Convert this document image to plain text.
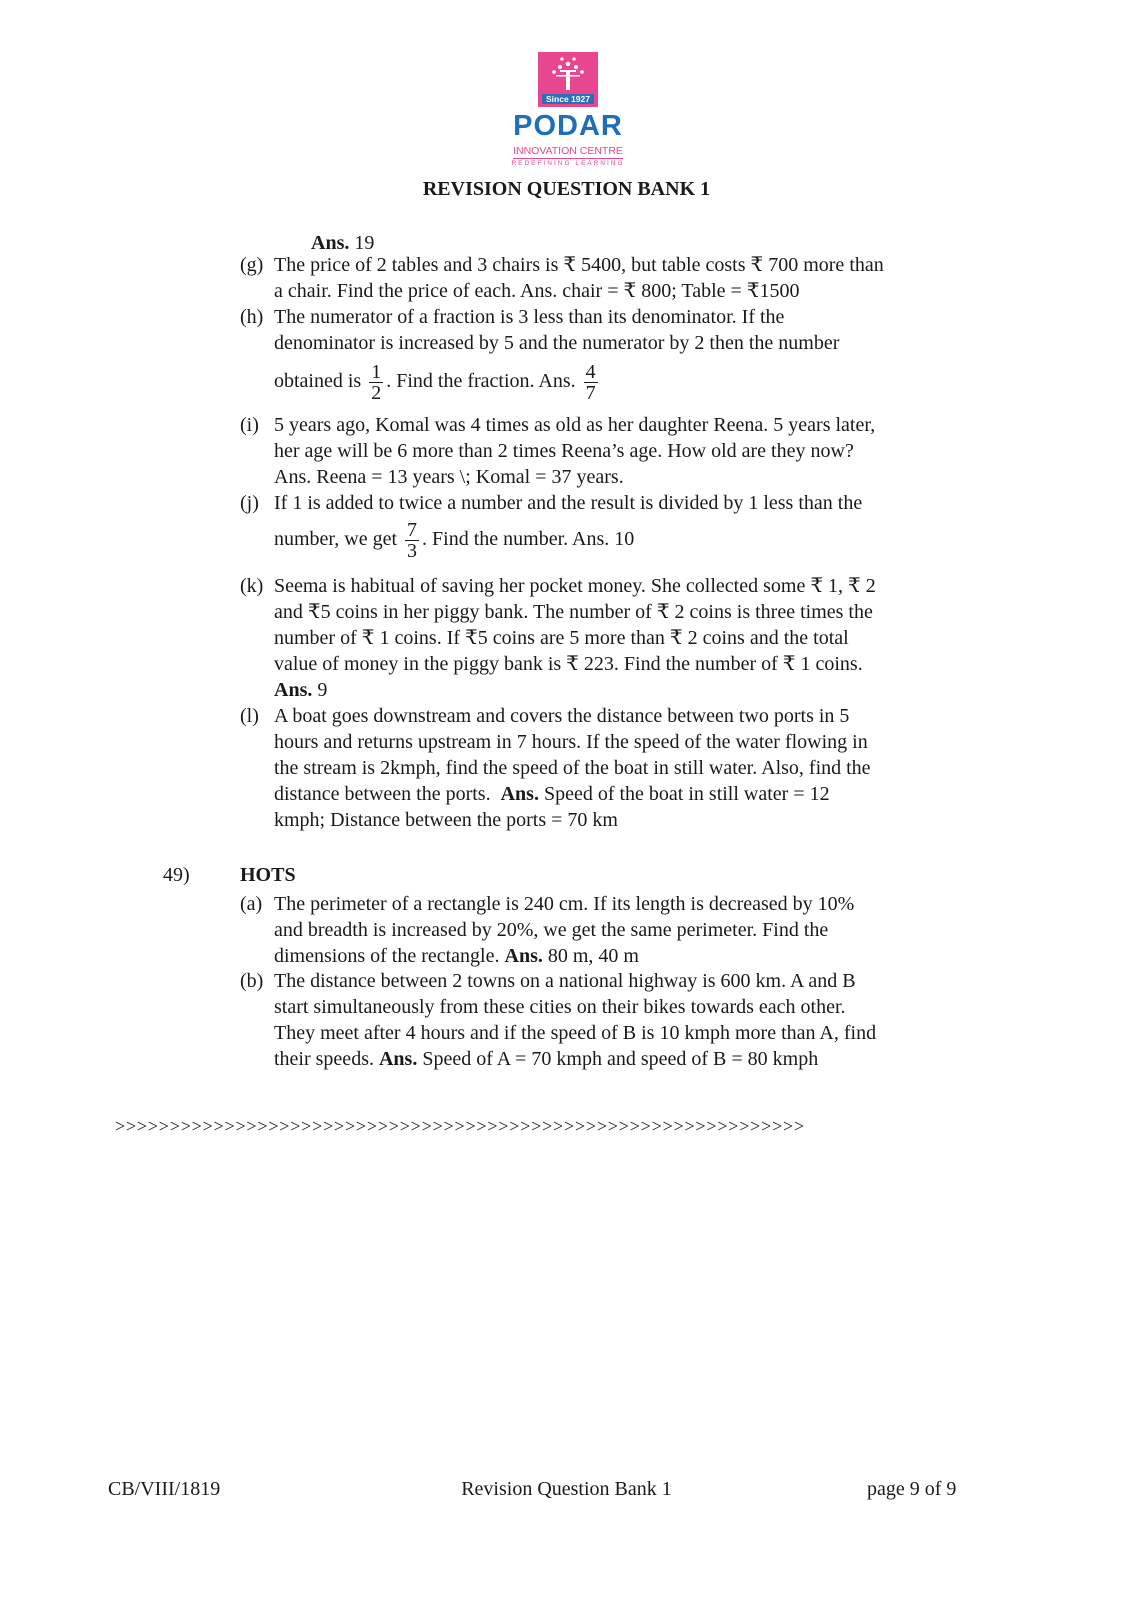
Since 1927
PODAR
INNOVATION CENTRE
REDEFINING LEARNING
REVISION QUESTION BANK 1
Ans. 19
(g) The price of 2 tables and 3 chairs is ₹ 5400, but table costs ₹ 700 more than
a chair. Find the price of each. Ans. chair = ₹ 800; Table = ₹1500
(h) The numerator of a fraction is 3 less than its denominator. If the
denominator is increased by 5 and the numerator by 2 then the number
obtained is $\frac{1}{2}$ . Find the fraction. Ans. $\frac{4}{7}$
(i) 5 years ago, Komal was 4 times as old as her daughter Reena. 5 years later,
her age will be 6 more than 2 times Reena’s age. How old are they now?
Ans. Reena = 13 years \; Komal = 37 years.
(j) If 1 is added to twice a number and the result is divided by 1 less than the
number, we get $\frac{7}{3}$ . Find the number. Ans. 10
(k) Seema is habitual of saving her pocket money. She collected some ₹ 1, ₹ 2
and ₹5 coins in her piggy bank. The number of ₹ 2 coins is three times the
number of ₹ 1 coins. If ₹5 coins are 5 more than ₹ 2 coins and the total
value of money in the piggy bank is ₹ 223. Find the number of ₹ 1 coins.
Ans. 9
(l) A boat goes downstream and covers the distance between two ports in 5
hours and returns upstream in 7 hours. If the speed of the water flowing in
the stream is 2kmph, find the speed of the boat in still water. Also, find the
distance between the ports.  Ans. Speed of the boat in still water = 12
kmph; Distance between the ports = 70 km
49)	HOTS
(a) The perimeter of a rectangle is 240 cm. If its length is decreased by 10%
and breadth is increased by 20%, we get the same perimeter. Find the
dimensions of the rectangle. Ans. 80 m, 40 m
(b) The distance between 2 towns on a national highway is 600 km. A and B
start simultaneously from these cities on their bikes towards each other.
They meet after 4 hours and if the speed of B is 10 kmph more than A, find
their speeds. Ans. Speed of A = 70 kmph and speed of B = 80 kmph
>>>>>>>>>>>>>>>>>>>>>>>>>>>>>>>>>>>>>>>>>>>>>>>>>>>>>>>>>>>>>>>
CB/VIII/1819	Revision Question Bank 1	page 9 of 9
